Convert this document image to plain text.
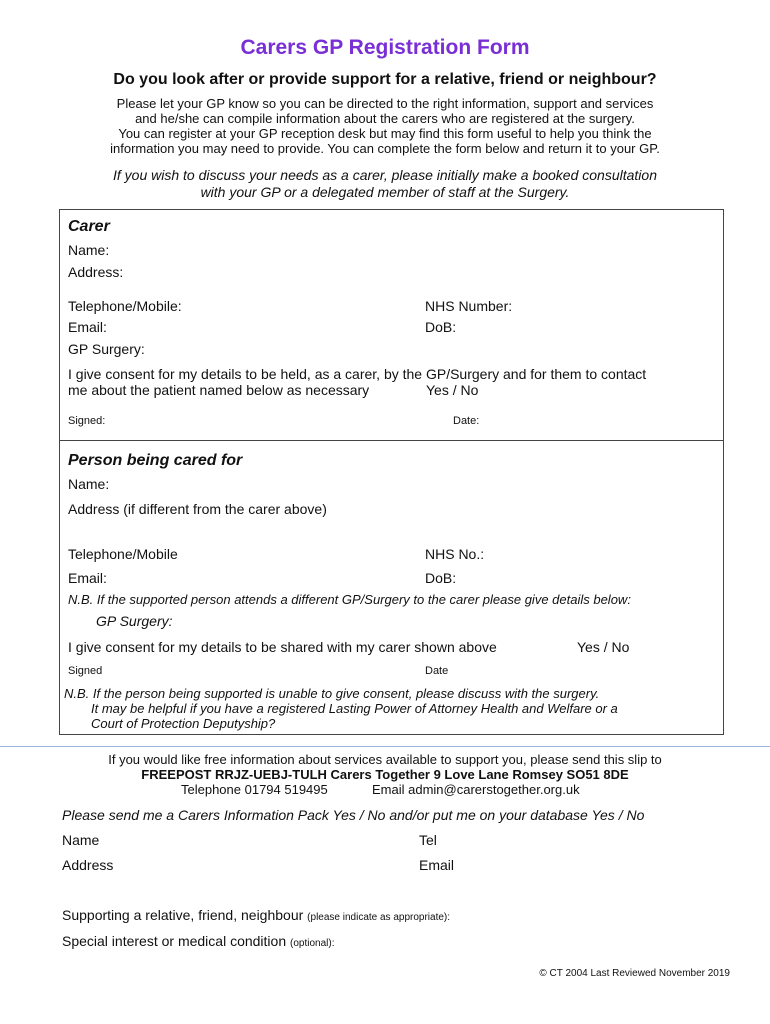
Carers GP Registration Form
Do you look after or provide support for a relative, friend or neighbour?
Please let your GP know so you can be directed to the right information, support and services
and he/she can compile information about the carers who are registered at the surgery.
You can register at your GP reception desk but may find this form useful to help you think the
information you may need to provide. You can complete the form below and return it to your GP.
If you wish to discuss your needs as a carer, please initially make a booked consultation
with your GP or a delegated member of staff at the Surgery.
Carer
Name:
Address:
Telephone/Mobile:	NHS Number:
Email:	DoB:
GP Surgery:
I give consent for my details to be held, as a carer, by the GP/Surgery and for them to contact
me about the patient named below as necessary	Yes / No
Signed:	Date:
Person being cared for
Name:
Address (if different from the carer above)
Telephone/Mobile	NHS No.:
Email:	DoB:
N.B. If the supported person attends a different GP/Surgery to the carer please give details below:
GP Surgery:
I give consent for my details to be shared with my carer shown above	Yes / No
Signed	Date
N.B. If the person being supported is unable to give consent, please discuss with the surgery.
It may be helpful if you have a registered Lasting Power of Attorney Health and Welfare or a
Court of Protection Deputyship?
If you would like free information about services available to support you, please send this slip to
FREEPOST RRJZ-UEBJ-TULH Carers Together 9 Love Lane Romsey SO51 8DE
Telephone 01794 519495	Email admin@carerstogether.org.uk
Please send me a Carers Information Pack Yes / No and/or put me on your database Yes / No
Name	Tel
Address	Email
Supporting a relative, friend, neighbour (please indicate as appropriate):
Special interest or medical condition (optional):
© CT 2004 Last Reviewed November 2019
